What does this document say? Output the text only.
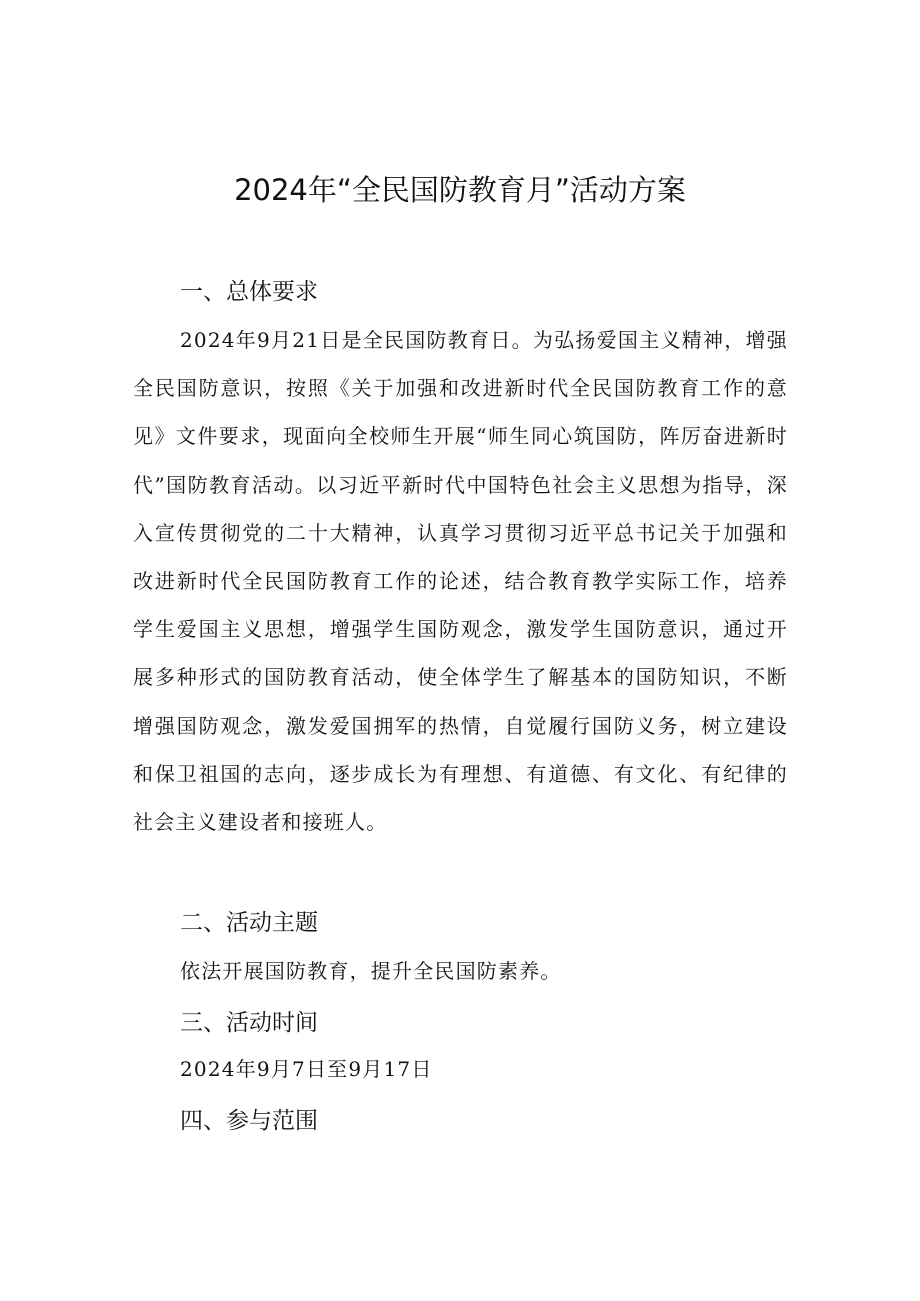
2024年“全民国防教育月”活动方案
一、总体要求
2024年9月21日是全民国防教育日。为弘扬爱国主义精神，增强全民国防意识，按照《关于加强和改进新时代全民国防教育工作的意见》文件要求，现面向全校师生开展“师生同心筑国防，阵厉奋进新时代”国防教育活动。以习近平新时代中国特色社会主义思想为指导，深入宣传贯彻党的二十大精神，认真学习贯彻习近平总书记关于加强和改进新时代全民国防教育工作的论述，结合教育教学实际工作，培养学生爱国主义思想，增强学生国防观念，激发学生国防意识，通过开展多种形式的国防教育活动，使全体学生了解基本的国防知识，不断增强国防观念，激发爱国拥军的热情，自觉履行国防义务，树立建设和保卫祖国的志向，逐步成长为有理想、有道德、有文化、有纪律的社会主义建设者和接班人。
二、活动主题
依法开展国防教育，提升全民国防素养。
三、活动时间
2024年9月7日至9月17日
四、参与范围
